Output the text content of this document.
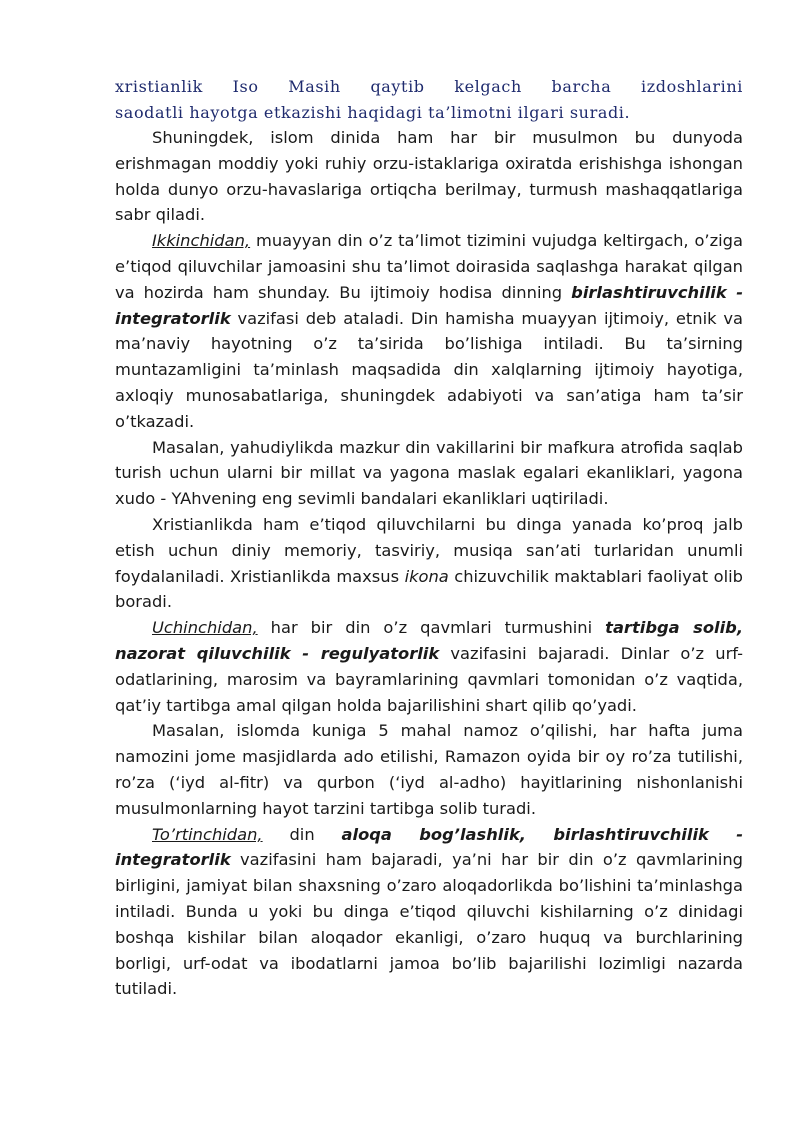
xristianlik Iso Masih qaytib kelgach barcha izdoshlarini
saodatli hayotga etkazishi haqidagi ta’limotni ilgari suradi.

Shuningdek, islom dinida ham har bir musulmon bu dunyoda erishmagan moddiy yoki ruhiy orzu-istaklariga oxiratda erishishga ishongan holda dunyo orzu-havaslariga ortiqcha berilmay, turmush mashaqqatlariga sabr qiladi.

Ikkinchidan, muayyan din o’z ta’limot tizimini vujudga keltirgach, o’ziga e’tiqod qiluvchilar jamoasini shu ta’limot doirasida saqlashga harakat qilgan va hozirda ham shunday. Bu ijtimoiy hodisa dinning birlashtiruvchilik - integratorlik vazifasi deb ataladi. Din hamisha muayyan ijtimoiy, etnik va ma’naviy hayotning o’z ta’sirida bo’lishiga intiladi. Bu ta’sirning muntazamligini ta’minlash maqsadida din xalqlarning ijtimoiy hayotiga, axloqiy munosabatlariga, shuningdek adabiyoti va san’atiga ham ta’sir o’tkazadi.

Masalan, yahudiylikda mazkur din vakillarini bir mafkura atrofida saqlab turish uchun ularni bir millat va yagona maslak egalari ekanliklari, yagona xudo - YAhvening eng sevimli bandalari ekanliklari uqtiriladi.

Xristianlikda ham e’tiqod qiluvchilarni bu dinga yanada ko’proq jalb etish uchun diniy memoriy, tasviriy, musiqa san’ati turlaridan unumli foydalaniladi. Xristianlikda maxsus ikona chizuvchilik maktablari faoliyat olib boradi.

Uchinchidan, har bir din o’z qavmlari turmushini tartibga solib, nazorat qiluvchilik - regulyatorlik vazifasini bajaradi. Dinlar o’z urf-odatlarining, marosim va bayramlarining qavmlari tomonidan o’z vaqtida, qat’iy tartibga amal qilgan holda bajarilishini shart qilib qo’yadi.

Masalan, islomda kuniga 5 mahal namoz o’qilishi, har hafta juma namozini jome masjidlarda ado etilishi, Ramazon oyida bir oy ro’za tutilishi, ro’za (‘iyd al-fitr) va qurbon (‘iyd al-adho) hayitlarining nishonlanishi musulmonlarning hayot tarzini tartibga solib turadi.

To’rtinchidan, din aloqa bog’lashlik, birlashtiruvchilik - integratorlik vazifasini ham bajaradi, ya’ni har bir din o’z qavmlarining birligini, jamiyat bilan shaxsning o’zaro aloqadorlikda bo’lishini ta’minlashga intiladi. Bunda u yoki bu dinga e’tiqod qiluvchi kishilarning o’z dinidagi boshqa kishilar bilan aloqador ekanligi, o’zaro huquq va burchlarining borligi, urf-odat va ibodatlarni jamoa bo’lib bajarilishi lozimligi nazarda tutiladi.
